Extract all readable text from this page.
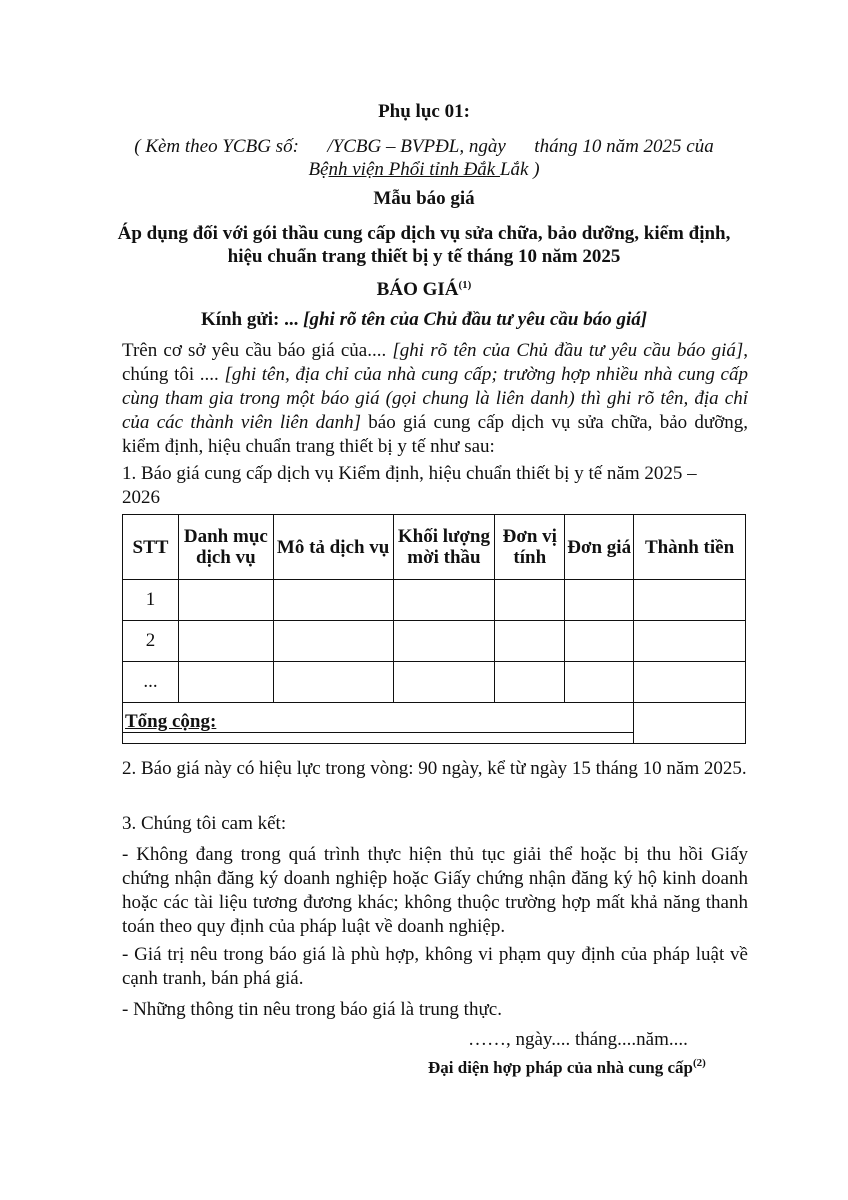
Phụ lục 01:
( Kèm theo YCBG số:      /YCBG – BVPĐL, ngày      tháng 10 năm 2025 của
Bệnh viện Phổi tỉnh Đắk Lắk )
Mẫu báo giá
Áp dụng đối với gói thầu cung cấp dịch vụ sửa chữa, bảo dưỡng, kiểm định,
hiệu chuẩn trang thiết bị y tế tháng 10 năm 2025
BÁO GIÁ$^{(1)}$
Kính gửi: ... [ghi rõ tên của Chủ đầu tư yêu cầu báo giá]
Trên cơ sở yêu cầu báo giá của.... [ghi rõ tên của Chủ đầu tư yêu cầu báo giá], chúng tôi .... [ghi tên, địa chỉ của nhà cung cấp; trường hợp nhiều nhà cung cấp cùng tham gia trong một báo giá (gọi chung là liên danh) thì ghi rõ tên, địa chỉ của các thành viên liên danh] báo giá cung cấp dịch vụ sửa chữa, bảo dưỡng, kiểm định, hiệu chuẩn trang thiết bị y tế như sau:
1. Báo giá cung cấp dịch vụ Kiểm định, hiệu chuẩn thiết bị y tế năm 2025 – 2026
STT	Danh mục dịch vụ	Mô tả dịch vụ	Khối lượng mời thầu	Đơn vị tính	Đơn giá	Thành tiền
1						
2						
...						

Tổng cộng:						

2. Báo giá này có hiệu lực trong vòng: 90 ngày, kể từ ngày 15 tháng 10 năm 2025.
3. Chúng tôi cam kết:
- Không đang trong quá trình thực hiện thủ tục giải thể hoặc bị thu hồi Giấy chứng nhận đăng ký doanh nghiệp hoặc Giấy chứng nhận đăng ký hộ kinh doanh hoặc các tài liệu tương đương khác; không thuộc trường hợp mất khả năng thanh toán theo quy định của pháp luật về doanh nghiệp.
- Giá trị nêu trong báo giá là phù hợp, không vi phạm quy định của pháp luật về cạnh tranh, bán phá giá.
- Những thông tin nêu trong báo giá là trung thực.
……, ngày.... tháng....năm....
Đại diện hợp pháp của nhà cung cấp$^{(2)}$
